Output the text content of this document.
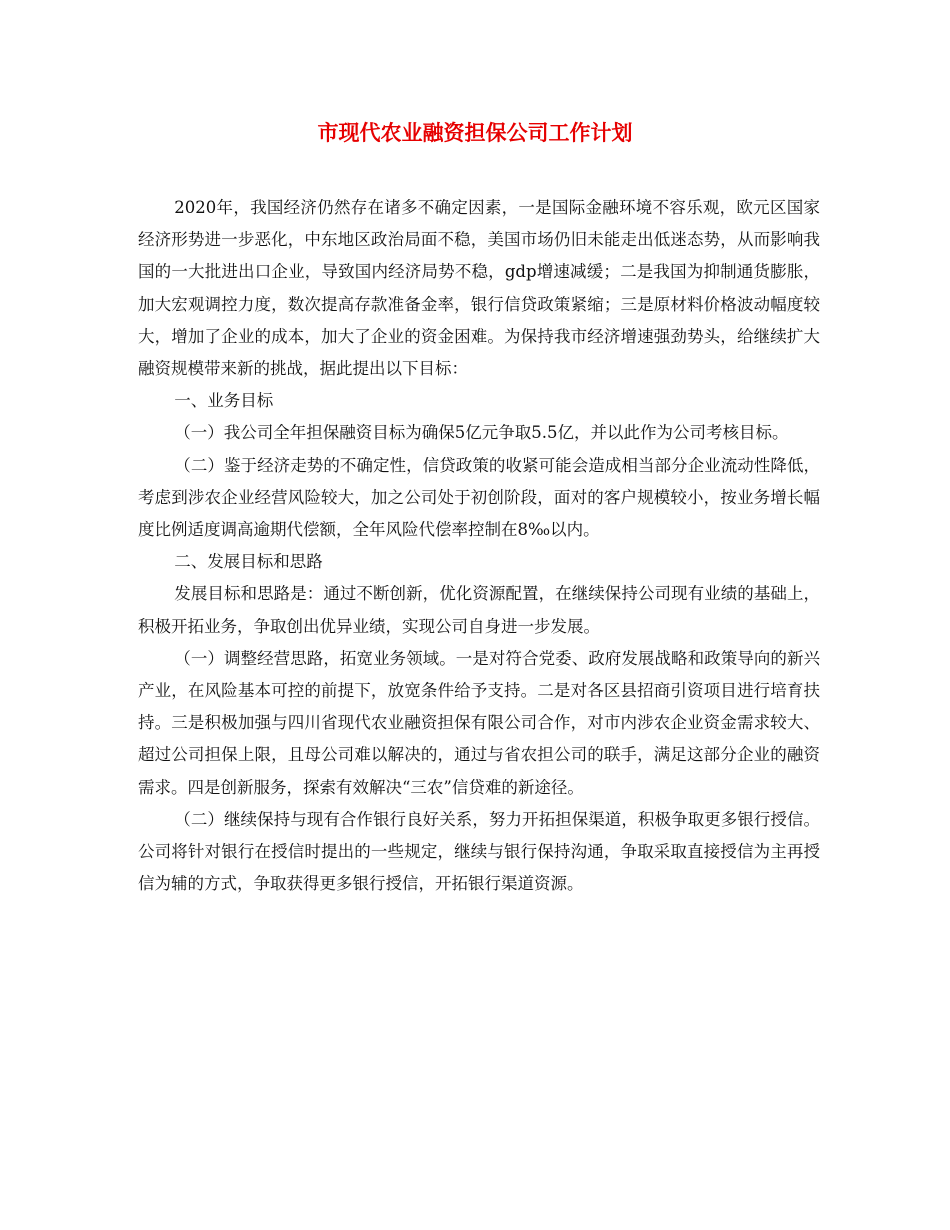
市现代农业融资担保公司工作计划

2020年，我国经济仍然存在诸多不确定因素，一是国际金融环境不容乐观，欧元区国家经济形势进一步恶化，中东地区政治局面不稳，美国市场仍旧未能走出低迷态势，从而影响我国的一大批进出口企业，导致国内经济局势不稳，gdp增速减缓；二是我国为抑制通货膨胀，加大宏观调控力度，数次提高存款准备金率，银行信贷政策紧缩；三是原材料价格波动幅度较大，增加了企业的成本，加大了企业的资金困难。为保持我市经济增速强劲势头，给继续扩大融资规模带来新的挑战，据此提出以下目标：

一、业务目标

（一）我公司全年担保融资目标为确保5亿元争取5.5亿，并以此作为公司考核目标。

（二）鉴于经济走势的不确定性，信贷政策的收紧可能会造成相当部分企业流动性降低，考虑到涉农企业经营风险较大，加之公司处于初创阶段，面对的客户规模较小，按业务增长幅度比例适度调高逾期代偿额，全年风险代偿率控制在8‰以内。

二、发展目标和思路

发展目标和思路是：通过不断创新，优化资源配置，在继续保持公司现有业绩的基础上，积极开拓业务，争取创出优异业绩，实现公司自身进一步发展。

（一）调整经营思路，拓宽业务领域。一是对符合党委、政府发展战略和政策导向的新兴产业，在风险基本可控的前提下，放宽条件给予支持。二是对各区县招商引资项目进行培育扶持。三是积极加强与四川省现代农业融资担保有限公司合作，对市内涉农企业资金需求较大、超过公司担保上限，且母公司难以解决的，通过与省农担公司的联手，满足这部分企业的融资需求。四是创新服务，探索有效解决“三农”信贷难的新途径。

（二）继续保持与现有合作银行良好关系，努力开拓担保渠道，积极争取更多银行授信。公司将针对银行在授信时提出的一些规定，继续与银行保持沟通，争取采取直接授信为主再授信为辅的方式，争取获得更多银行授信，开拓银行渠道资源。
